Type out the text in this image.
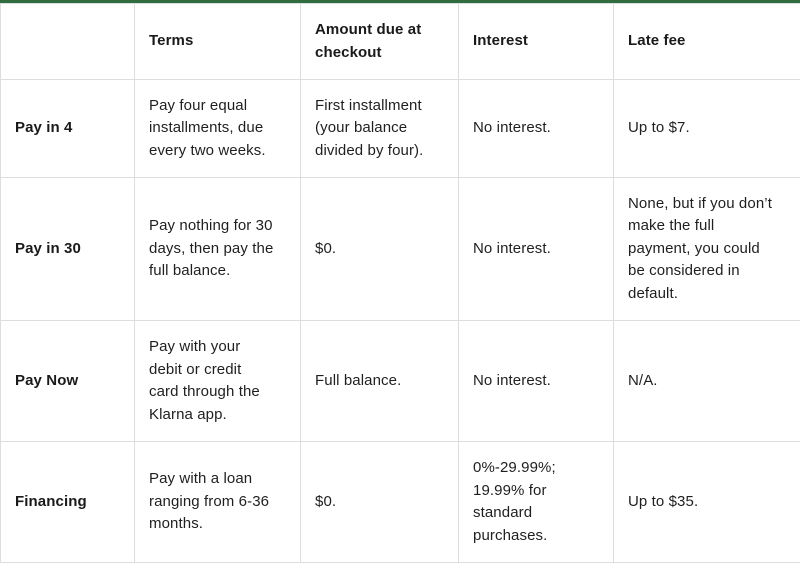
	Terms	Amount due at checkout	Interest	Late fee
Pay in 4	Pay four equal installments, due every two weeks.	First installment (your balance divided by four).	No interest.	Up to $7.
Pay in 30	Pay nothing for 30 days, then pay the full balance.	$0.	No interest.	None, but if you don’t make the full payment, you could be considered in default.

Pay Now	Pay with your debit or credit card through the Klarna app.	Full balance.	No interest.	N/A.
Financing	Pay with a loan ranging from 6-36 months.	$0.	0%-29.99%; 19.99% for standard purchases.	Up to $35.
